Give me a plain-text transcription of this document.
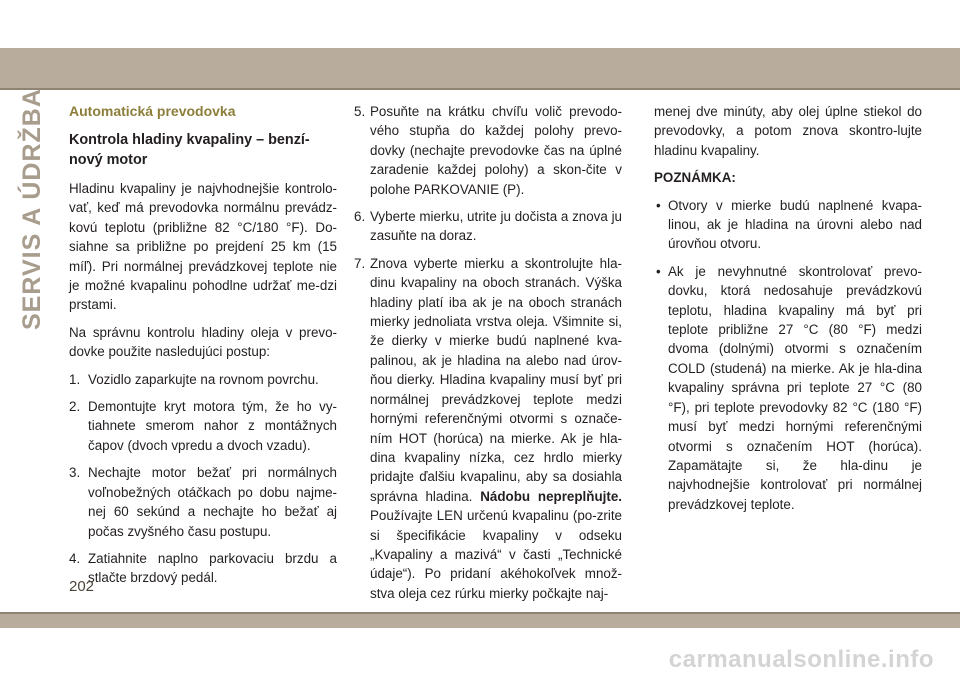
SERVIS A ÚDRŽBA Automatická prevodovka
Kontrola hladiny kvapaliny – benzí-
nový motor

Hladinu kvapaliny je najvhodnejšie kontrolo-vať, keď má prevodovka normálnu prevádz-kovú teplotu (približne 82 °C/180 °F). Do-siahne sa približne po prejdení 25 km (15 míľ). Pri normálnej prevádzkovej teplote nie je možné kvapalinu pohodlne udržať me-dzi prstami.

Na správnu kontrolu hladiny oleja v prevo-dovke použite nasledujúci postup:

1. Vozidlo zaparkujte na rovnom povrchu.
2. Demontujte kryt motora tým, že ho vy-tiahnete smerom nahor z montážnych čapov (dvoch vpredu a dvoch vzadu).
3. Nechajte motor bežať pri normálnych voľnobežných otáčkach po dobu najme-nej 60 sekúnd a nechajte ho bežať aj počas zvyšného času postupu.
4. Zatiahnite naplno parkovaciu brzdu a stlačte brzdový pedál.
5. Posuňte na krátku chvíľu volič prevodo-vého stupňa do každej polohy prevo-dovky (nechajte prevodovke čas na úplné zaradenie každej polohy) a skon-čite v polohe PARKOVANIE (P).
6. Vyberte mierku, utrite ju dočista a znova ju zasuňte na doraz.
7. Znova vyberte mierku a skontrolujte hla-dinu kvapaliny na oboch stranách. Výška hladiny platí iba ak je na oboch stranách mierky jednoliata vrstva oleja. Všimnite si, že dierky v mierke budú naplnené kva-palinou, ak je hladina na alebo nad úrov-ňou dierky. Hladina kvapaliny musí byť pri normálnej prevádzkovej teplote medzi hornými referenčnými otvormi s označe-ním HOT (horúca) na mierke. Ak je hla-dina kvapaliny nízka, cez hrdlo mierky pridajte ďalšiu kvapalinu, aby sa dosiahla správna hladina. Nádobu nepreplňujte. Používajte LEN určenú kvapalinu (po-zrite si špecifikácie kvapaliny v odseku „Kvapaliny a mazivá“ v časti „Technické údaje“). Po pridaní akéhokoľvek množ-stva oleja cez rúrku mierky počkajte naj-

menej dve minúty, aby olej úplne stiekol do prevodovky, a potom znova skontro-lujte hladinu kvapaliny.

POZNÁMKA:
• Otvory v mierke budú naplnené kvapa-linou, ak je hladina na úrovni alebo nad úrovňou otvoru.
• Ak je nevyhnutné skontrolovať prevo-dovku, ktorá nedosahuje prevádzkovú teplotu, hladina kvapaliny má byť pri teplote približne 27 °C (80 °F) medzi dvoma (dolnými) otvormi s označením COLD (studená) na mierke. Ak je hla-dina kvapaliny správna pri teplote 27 °C (80 °F), pri teplote prevodovky 82 °C (180 °F) musí byť medzi hornými referenčnými otvormi s označením HOT (horúca). Zapamätajte si, že hla-dinu je najvhodnejšie kontrolovať pri normálnej prevádzkovej teplote.
202
carmanualsonline.info
